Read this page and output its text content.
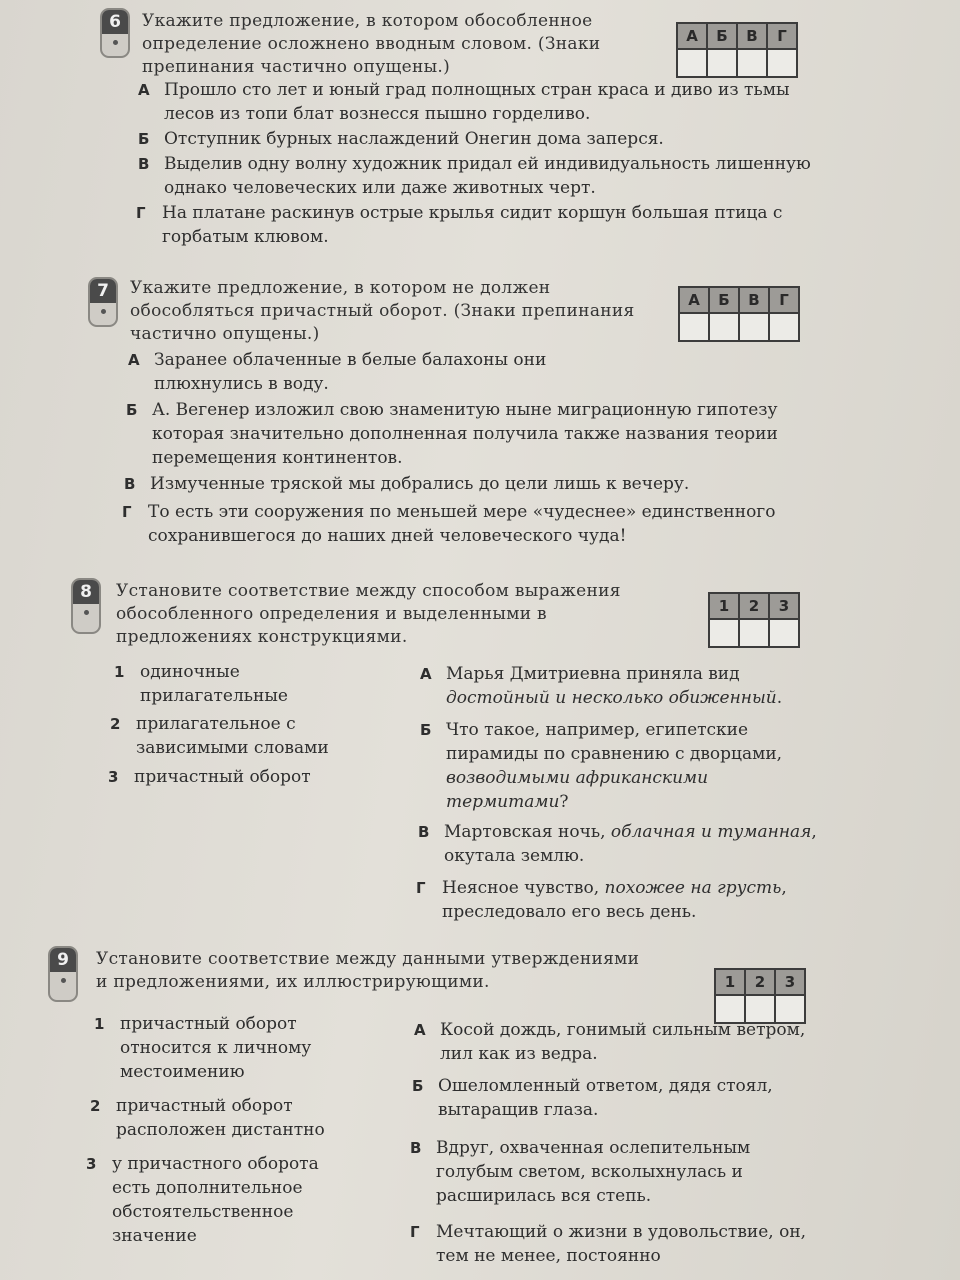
6	Укажите предложение, в котором обособленное определение осложнено вводным словом. (Знаки препинания частично опущены.)
А	Б	В	Г

А Прошло сто лет и юный град полнощных стран краса и диво из тьмы лесов из топи блат вознесся пышно горделиво.
Б Отступник бурных наслаждений Онегин дома заперся.
В Выделив одну волну художник придал ей индивидуальность лишенную однако человеческих или даже животных черт.
Г На платане раскинув острые крылья сидит коршун большая птица с горбатым клювом.
7	Укажите предложение, в котором не должен обособляться причастный оборот. (Знаки препинания частично опущены.)
А	Б	В	Г

А Заранее облаченные в белые балахоны они плюхнулись в воду.
Б А. Вегенер изложил свою знаменитую ныне миграционную гипотезу которая значительно дополненная получила также названия теории перемещения континентов.
В Измученные тряской мы добрались до цели лишь к вечеру.
Г То есть эти сооружения по меньшей мере «чудеснее» единственного сохранившегося до наших дней человеческого чуда!
8	Установите соответствие между способом выражения обособленного определения и выделенными в предложениях конструкциями.
1	2	3

1 одиночные прилагательные
2 прилагательное с зависимыми словами
3 причастный оборот
А Марья Дмитриевна приняла вид достойный и несколько обиженный.
Б Что такое, например, египетские пирамиды по сравнению с дворцами, возводимыми африканскими термитами?
В Мартовская ночь, облачная и туманная, окутала землю.
Г Неясное чувство, похожее на грусть, преследовало его весь день.
9	Установите соответствие между данными утверждениями и предложениями, их иллюстрирующими.	1	2	3

1 причастный оборот относится к личному местоимению
2 причастный оборот расположен дистантно
3 у причастного оборота есть дополнительное обстоятельственное значение
А Косой дождь, гонимый сильным ветром, лил как из ведра.
Б Ошеломленный ответом, дядя стоял, вытаращив глаза.
В Вдруг, охваченная ослепительным голубым светом, всколыхнулась и расширилась вся степь.
Г Мечтающий о жизни в удовольствие, он, тем не менее, постоянно
